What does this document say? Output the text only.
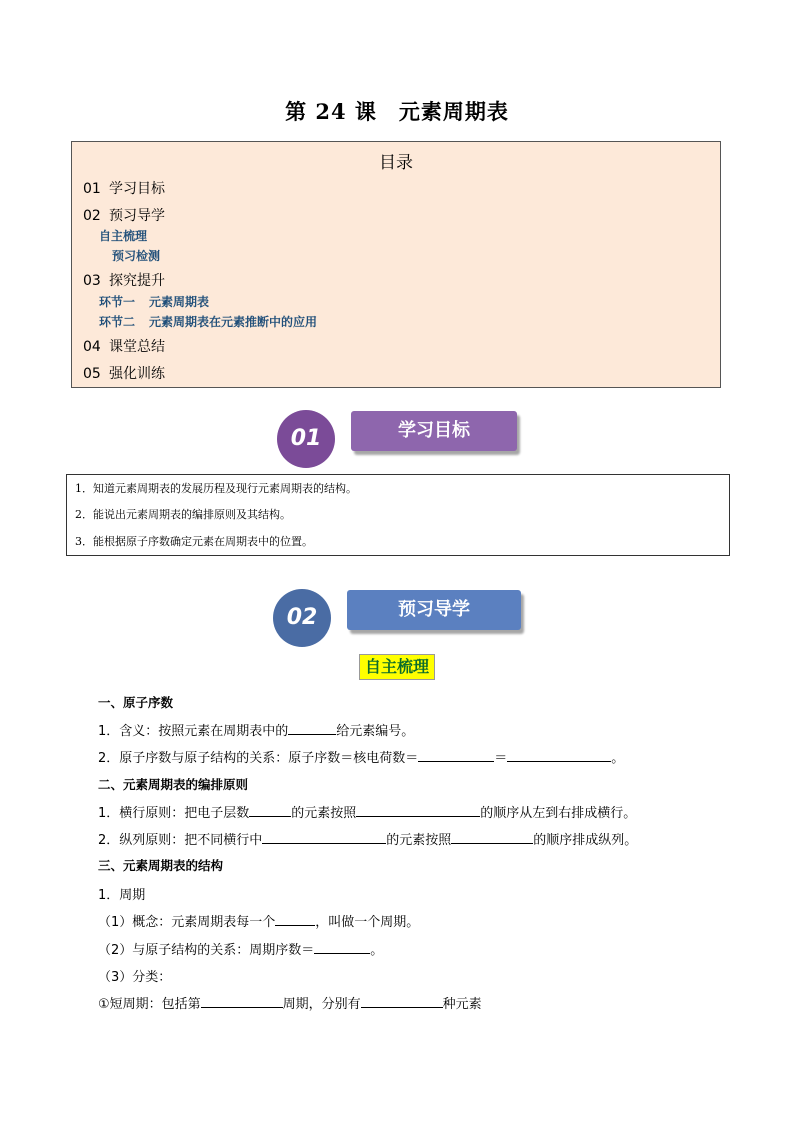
第 24 课　元素周期表
目录
01 学习目标
02 预习导学
自主梳理
预习检测
03 探究提升
环节一 元素周期表
环节二 元素周期表在元素推断中的应用
04 课堂总结
05 强化训练
01	学习目标
1．知道元素周期表的发展历程及现行元素周期表的结构。
2．能说出元素周期表的编排原则及其结构。
3．能根据原子序数确定元素在周期表中的位置。
02	预习导学
自主梳理
一、原子序数
1．含义：按照元素在周期表中的	给元素编号。
2．原子序数与原子结构的关系：原子序数＝核电荷数＝	＝	。
二、元素周期表的编排原则
1．横行原则：把电子层数	的元素按照	的顺序从左到右排成横行。
2．纵列原则：把不同横行中	的元素按照	的顺序排成纵列。
三、元素周期表的结构
1．周期
（1）概念：元素周期表每一个	，叫做一个周期。
（2）与原子结构的关系：周期序数＝	。
（3）分类：
①短周期：包括第	周期，分别有	种元素
